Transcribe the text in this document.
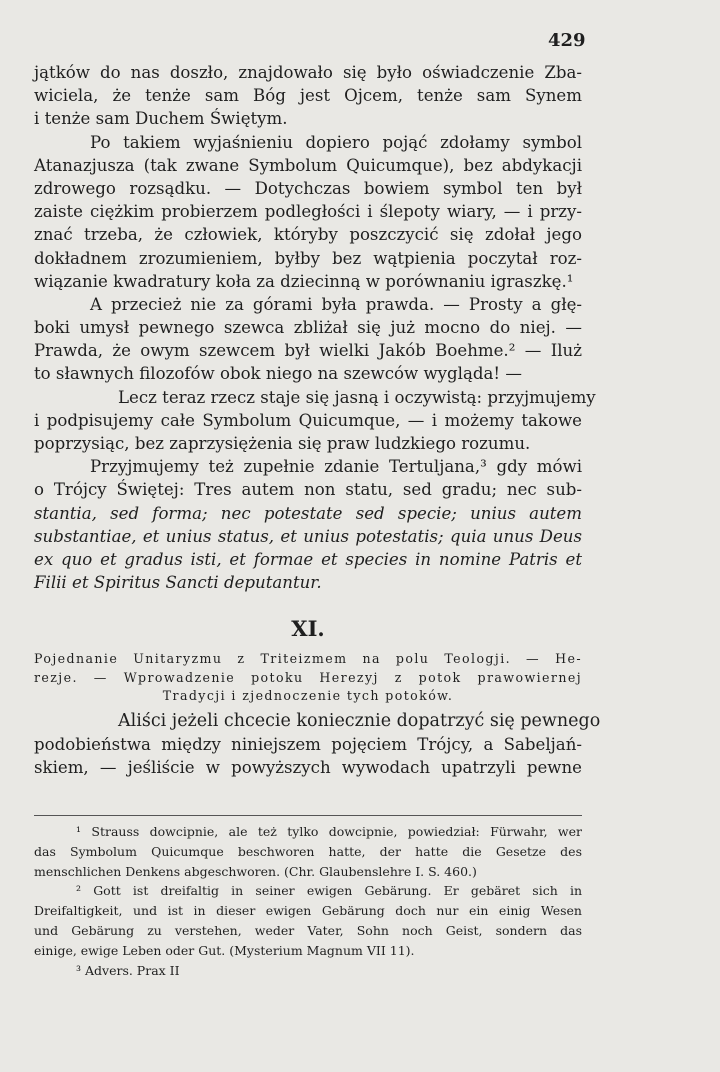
429
jątków do nas doszło, znajdowało się było oświadczenie Zba-
wiciela, że tenże sam Bóg jest Ojcem, tenże sam Synem
i tenże sam Duchem Świętym.
Po takiem wyjaśnieniu dopiero pojąć zdołamy symbol
Atanazjusza (tak zwane Symbolum Quicumque), bez abdykacji
zdrowego rozsądku. — Dotychczas bowiem symbol ten był
zaiste ciężkim probierzem podległości i ślepoty wiary, — i przy-
znać trzeba, że człowiek, któryby poszczycić się zdołał jego
dokładnem zrozumieniem, byłby bez wątpienia poczytał roz-
wiązanie kwadratury koła za dziecinną w porównaniu igraszkę.¹
A przecież nie za górami była prawda. — Prosty a głę-
boki umysł pewnego szewca zbliżał się już mocno do niej. —
Prawda, że owym szewcem był wielki Jakób Boehme.² — Iluż
to sławnych filozofów obok niego na szewców wygląda! —
Lecz teraz rzecz staje się jasną i oczywistą: przyjmujemy
i podpisujemy całe Symbolum Quicumque, — i możemy takowe
poprzysiąc, bez zaprzysiężenia się praw ludzkiego rozumu.
Przyjmujemy też zupełnie zdanie Tertuljana,³ gdy mówi
o Trójcy Świętej: Tres autem non statu, sed gradu; nec sub-
stantia, sed forma; nec potestate sed specie; unius autem
substantiae, et unius status, et unius potestatis; quia unus Deus
ex quo et gradus isti, et formae et species in nomine Patris et
Filii et Spiritus Sancti deputantur.
XI.
Pojednanie Unitaryzmu z Triteizmem na polu Teologji. — He-
rezje. — Wprowadzenie potoku Herezyj z potok prawowiernej
Tradycji i zjednoczenie tych potoków.
Aliści jeżeli chcecie koniecznie dopatrzyć się pewnego
podobieństwa między niniejszem pojęciem Trójcy, a Sabeljań-
skiem, — jeśliście w powyższych wywodach upatrzyli pewne
¹ Strauss dowcipnie, ale też tylko dowcipnie, powiedział: Fürwahr, wer
das Symbolum Quicumque beschworen hatte, der hatte die Gesetze des
menschlichen Denkens abgeschworen. (Chr. Glaubenslehre I. S. 460.)
² Gott ist dreifaltig in seiner ewigen Gebärung. Er gebäret sich in
Dreifaltigkeit, und ist in dieser ewigen Gebärung doch nur ein einig Wesen
und Gebärung zu verstehen, weder Vater, Sohn noch Geist, sondern das
einige, ewige Leben oder Gut. (Mysterium Magnum VII 11).
³ Advers. Prax II
